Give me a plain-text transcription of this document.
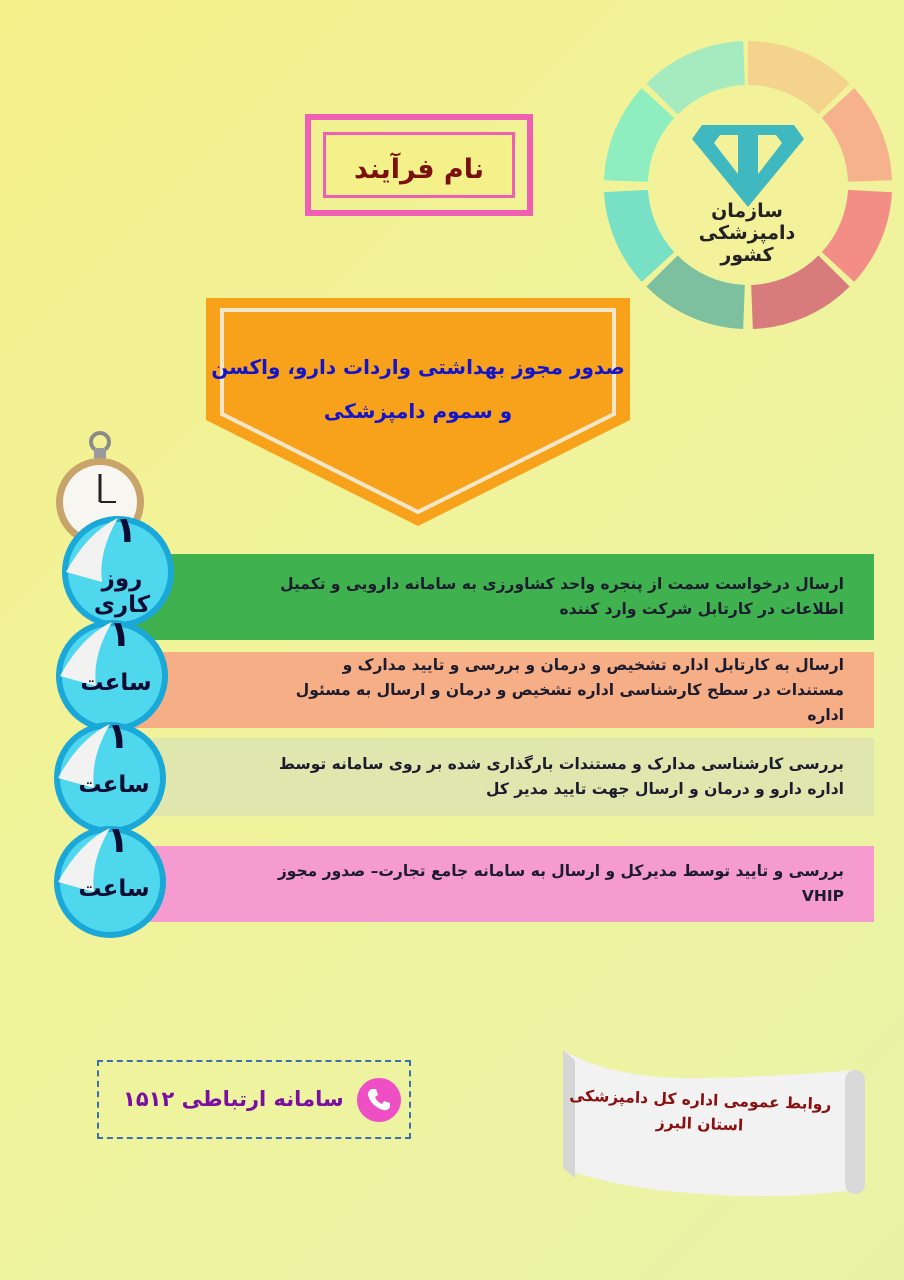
سازمان دامپزشکی کشور
نام فرآیند
صدور مجوز بهداشتی واردات دارو، واکسن
و سموم دامپزشکی

ارسال درخواست سمت از پنجره واحد کشاورزی به سامانه دارویی و تکمیل اطلاعات در کارتابل شرکت وارد کننده

۱
روز کاری

ارسال به کارتابل اداره تشخیص و درمان و بررسی و تایید مدارک و مستندات در سطح کارشناسی اداره تشخیص و درمان و ارسال به مسئول اداره

۱
ساعت

بررسی کارشناسی مدارک و مستندات بارگذاری شده بر روی سامانه توسط اداره دارو و درمان و ارسال جهت تایید مدیر کل

۱
ساعت

بررسی و تایید توسط مدیرکل و ارسال به سامانه جامع تجارت– صدور مجوز VHIP

۱
ساعت
سامانه ارتباطی ۱۵۱۲	روابط عمومی اداره کل دامپزشکی
استان البرز
